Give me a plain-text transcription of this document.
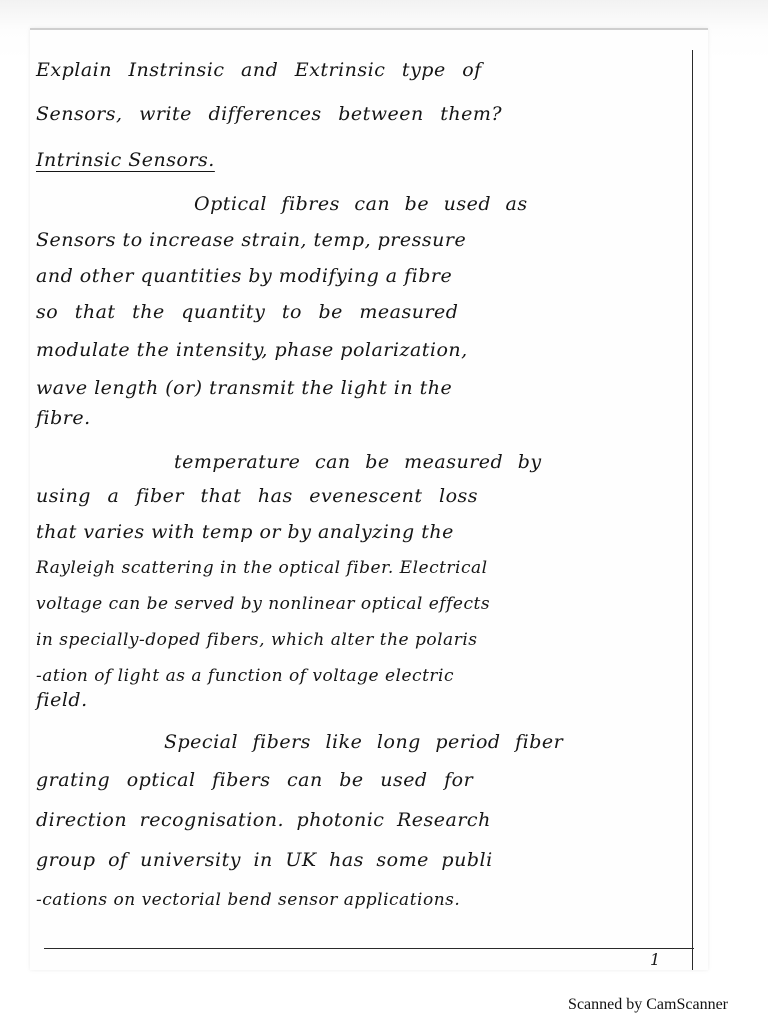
Explain Instrinsic and Extrinsic type of
Sensors, write differences between them?
Intrinsic Sensors.
Optical fibres can be used as
Sensors to increase strain, temp, pressure
and other quantities by modifying a fibre
so that the quantity to be measured
modulate the intensity, phase polarization,
wave length (or) transmit the light in the
fibre.
temperature can be measured by
using a fiber that has evenescent loss
that varies with temp or by analyzing the
Rayleigh scattering in the optical fiber. Electrical
voltage can be served by nonlinear optical effects
in specially-doped fibers, which alter the polaris
-ation of light as a function of voltage electric
field.
Special fibers like long period fiber
grating optical fibers can be used for
direction recognisation. photonic Research
group of university in UK has some publi
-cations on vectorial bend sensor applications.
1
Scanned by CamScanner
